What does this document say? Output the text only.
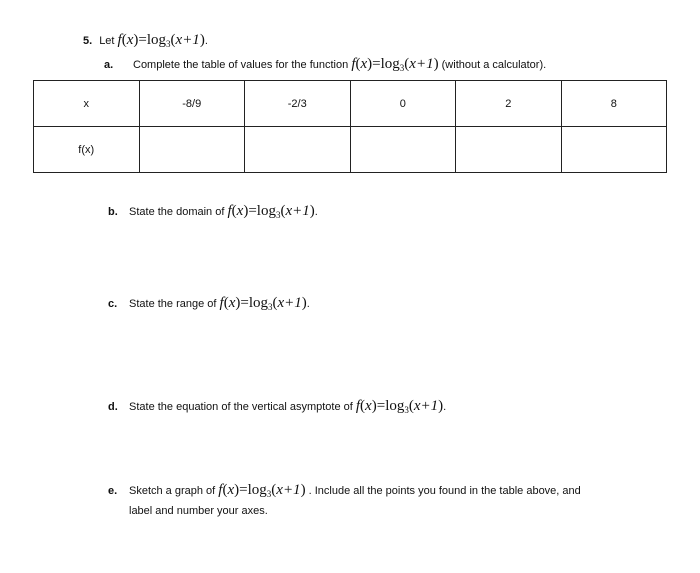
5. Let $f(x)=\log_3(x+1)$.
a. Complete the table of values for the function $f(x)=\log_3(x+1)$ (without a calculator).
x	-8/9	-2/3	0	2	8
f(x)					
b. State the domain of $f(x)=\log_3(x+1)$.
c. State the range of $f(x)=\log_3(x+1)$.
d. State the equation of the vertical asymptote of $f(x)=\log_3(x+1)$.
e. Sketch a graph of $f(x)=\log_3(x+1)$ . Include all the points you found in the table above, and
label and number your axes.
